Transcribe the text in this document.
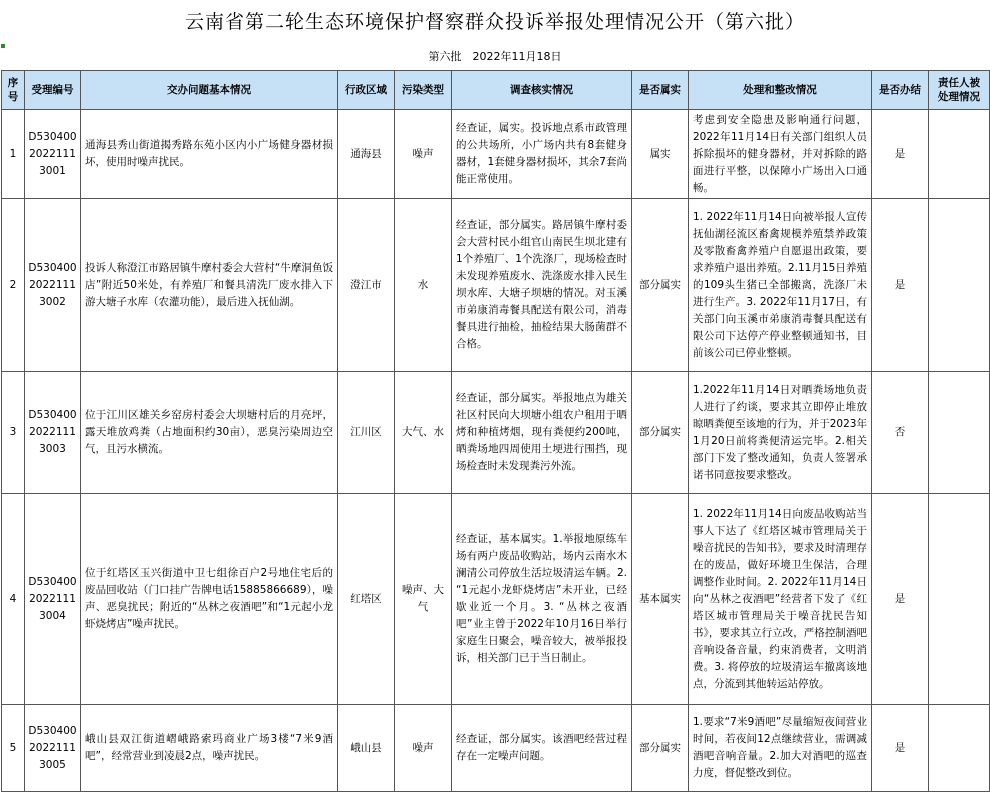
云南省第二轮生态环境保护督察群众投诉举报处理情况公开（第六批）
第六批　2022年11月18日
序号	受理编号	交办问题基本情况	行政区域	污染类型	调查核实情况	是否属实	处理和整改情况	是否办结	责任人被处理情况
1	D5304002022111 3001	通海县秀山街道揭秀路东苑小区内小广场健身器材损坏，使用时噪声扰民。	通海县	噪声	经查证，属实。投诉地点系市政管理的公共场所，小广场内共有8套健身器材，1套健身器材损坏，其余7套尚能正常使用。	属实	考虑到安全隐患及影响通行问题，2022年11月14日有关部门组织人员拆除损坏的健身器材，并对拆除的路面进行平整，以保障小广场出入口通畅。	是	
2	D5304002022111 3002	投诉人称澄江市路居镇牛摩村委会大营村“牛摩洞鱼饭店”附近50米处，有养殖厂和餐具清洗厂废水排入下游大塘子水库（农灌功能），最后进入抚仙湖。	澄江市	水	经查证，部分属实。路居镇牛摩村委会大营村民小组官山南民生坝北建有1个养殖厂、1个洗涤厂，现场检查时未发现养殖废水、洗涤废水排入民生坝水库、大塘子坝塘的情况。对玉溪市弟康消毒餐具配送有限公司，消毒餐具进行抽检，抽检结果大肠菌群不合格。	部分属实	1. 2022年11月14日向被举报人宣传抚仙湖径流区畜禽规模养殖禁养政策及零散畜禽养殖户自愿退出政策，要求养殖户退出养殖。2.11月15日养殖的109头生猪已全部搬离，洗涤厂未进行生产。3. 2022年11月17日，有关部门向玉溪市弟康消毒餐具配送有限公司下达停产停业整顿通知书，目前该公司已停业整顿。	是	
3	D5304002022111 3003	位于江川区雄关乡窑房村委会大坝塘村后的月亮坪，露天堆放鸡粪（占地面积约30亩），恶臭污染周边空气，且污水横流。	江川区	大气、水	经查证，部分属实。举报地点为雄关社区村民向大坝塘小组农户租用于晒烤和种植烤烟，现有粪便约200吨，晒粪场地四周使用土埂进行围挡，现场检查时未发现粪污外流。	部分属实	1.2022年11月14日对晒粪场地负责人进行了约谈，要求其立即停止堆放晾晒粪便至该地的行为，并于2023年1月20日前将粪便清运完毕。2.相关部门下发了整改通知，负责人签署承诺书同意按要求整改。	否	
4	D5304002022111 3004	位于红塔区玉兴街道中卫七组徐百户2号地住宅后的废品回收站（门口挂广告牌电话15885866689），噪声、恶臭扰民；附近的“丛林之夜酒吧”和“1元起小龙虾烧烤店”噪声扰民。	红塔区	噪声、大气	经查证，基本属实。1.举报地原练车场有两户废品收购站，场内云南水木澜清公司停放生活垃圾清运车辆。2. “1元起小龙虾烧烤店”未开业，已经歇业近一个月。3. “丛林之夜酒吧”业主曾于2022年10月16日举行家庭生日聚会，噪音较大，被举报投诉，相关部门已于当日制止。	基本属实	1. 2022年11月14日向废品收购站当事人下达了《红塔区城市管理局关于噪音扰民的告知书》，要求及时清理存在的废品，做好环境卫生保洁，合理调整作业时间。2. 2022年11月14日向“丛林之夜酒吧”经营者下发了《红塔区城市管理局关于噪音扰民告知书》，要求其立行立改，严格控制酒吧音响设备音量，约束消费者，文明消费。3. 将停放的垃圾清运车撤离该地点，分流到其他转运站停放。	是	
5	D5304002022111 3005	峨山县双江街道嶍峨路索玛商业广场3楼“7米9酒吧”，经常营业到凌晨2点，噪声扰民。	峨山县	噪声	经查证，部分属实。该酒吧经营过程存在一定噪声问题。	部分属实	1.要求“7米9酒吧”尽量缩短夜间营业时间，若夜间12点继续营业，需调减酒吧音响音量。2.加大对酒吧的巡查力度，督促整改到位。	是	
